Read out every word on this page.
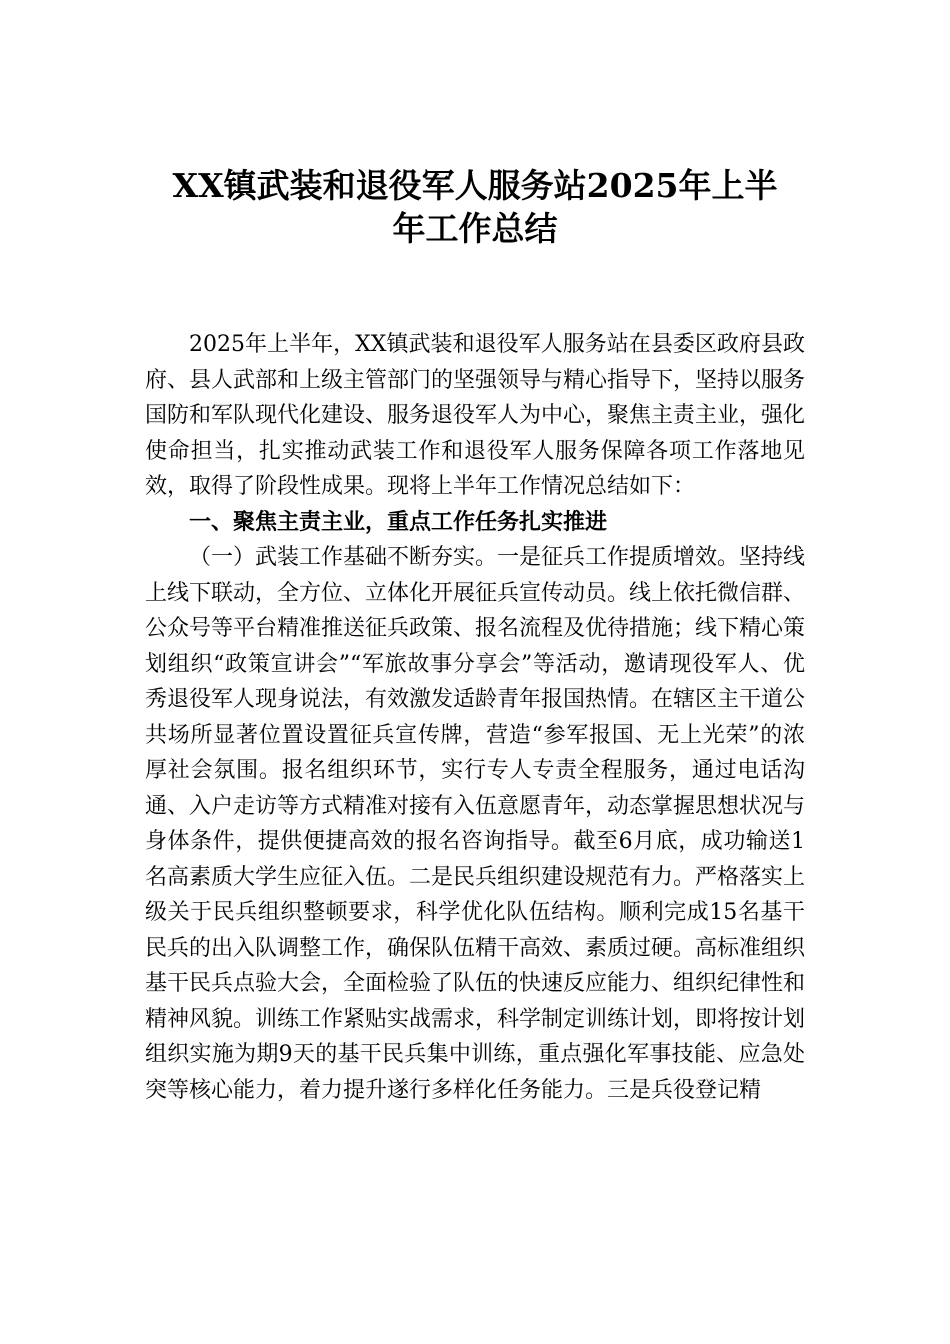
XX镇武装和退役军人服务站2025年上半
年工作总结

2025年上半年，XX镇武装和退役军人服务站在县委区政府县政府、县人武部和上级主管部门的坚强领导与精心指导下，坚持以服务国防和军队现代化建设、服务退役军人为中心，聚焦主责主业，强化使命担当，扎实推动武装工作和退役军人服务保障各项工作落地见效，取得了阶段性成果。现将上半年工作情况总结如下：

一、聚焦主责主业，重点工作任务扎实推进

（一）武装工作基础不断夯实。一是征兵工作提质增效。坚持线上线下联动，全方位、立体化开展征兵宣传动员。线上依托微信群、公众号等平台精准推送征兵政策、报名流程及优待措施；线下精心策划组织“政策宣讲会”“军旅故事分享会”等活动，邀请现役军人、优秀退役军人现身说法，有效激发适龄青年报国热情。在辖区主干道公共场所显著位置设置征兵宣传牌，营造“参军报国、无上光荣”的浓厚社会氛围。报名组织环节，实行专人专责全程服务，通过电话沟通、入户走访等方式精准对接有入伍意愿青年，动态掌握思想状况与身体条件，提供便捷高效的报名咨询指导。截至6月底，成功输送1名高素质大学生应征入伍。二是民兵组织建设规范有力。严格落实上级关于民兵组织整顿要求，科学优化队伍结构。顺利完成15名基干民兵的出入队调整工作，确保队伍精干高效、素质过硬。高标准组织基干民兵点验大会，全面检验了队伍的快速反应能力、组织纪律性和精神风貌。训练工作紧贴实战需求，科学制定训练计划，即将按计划组织实施为期9天的基干民兵集中训练，重点强化军事技能、应急处突等核心能力，着力提升遂行多样化任务能力。三是兵役登记精
